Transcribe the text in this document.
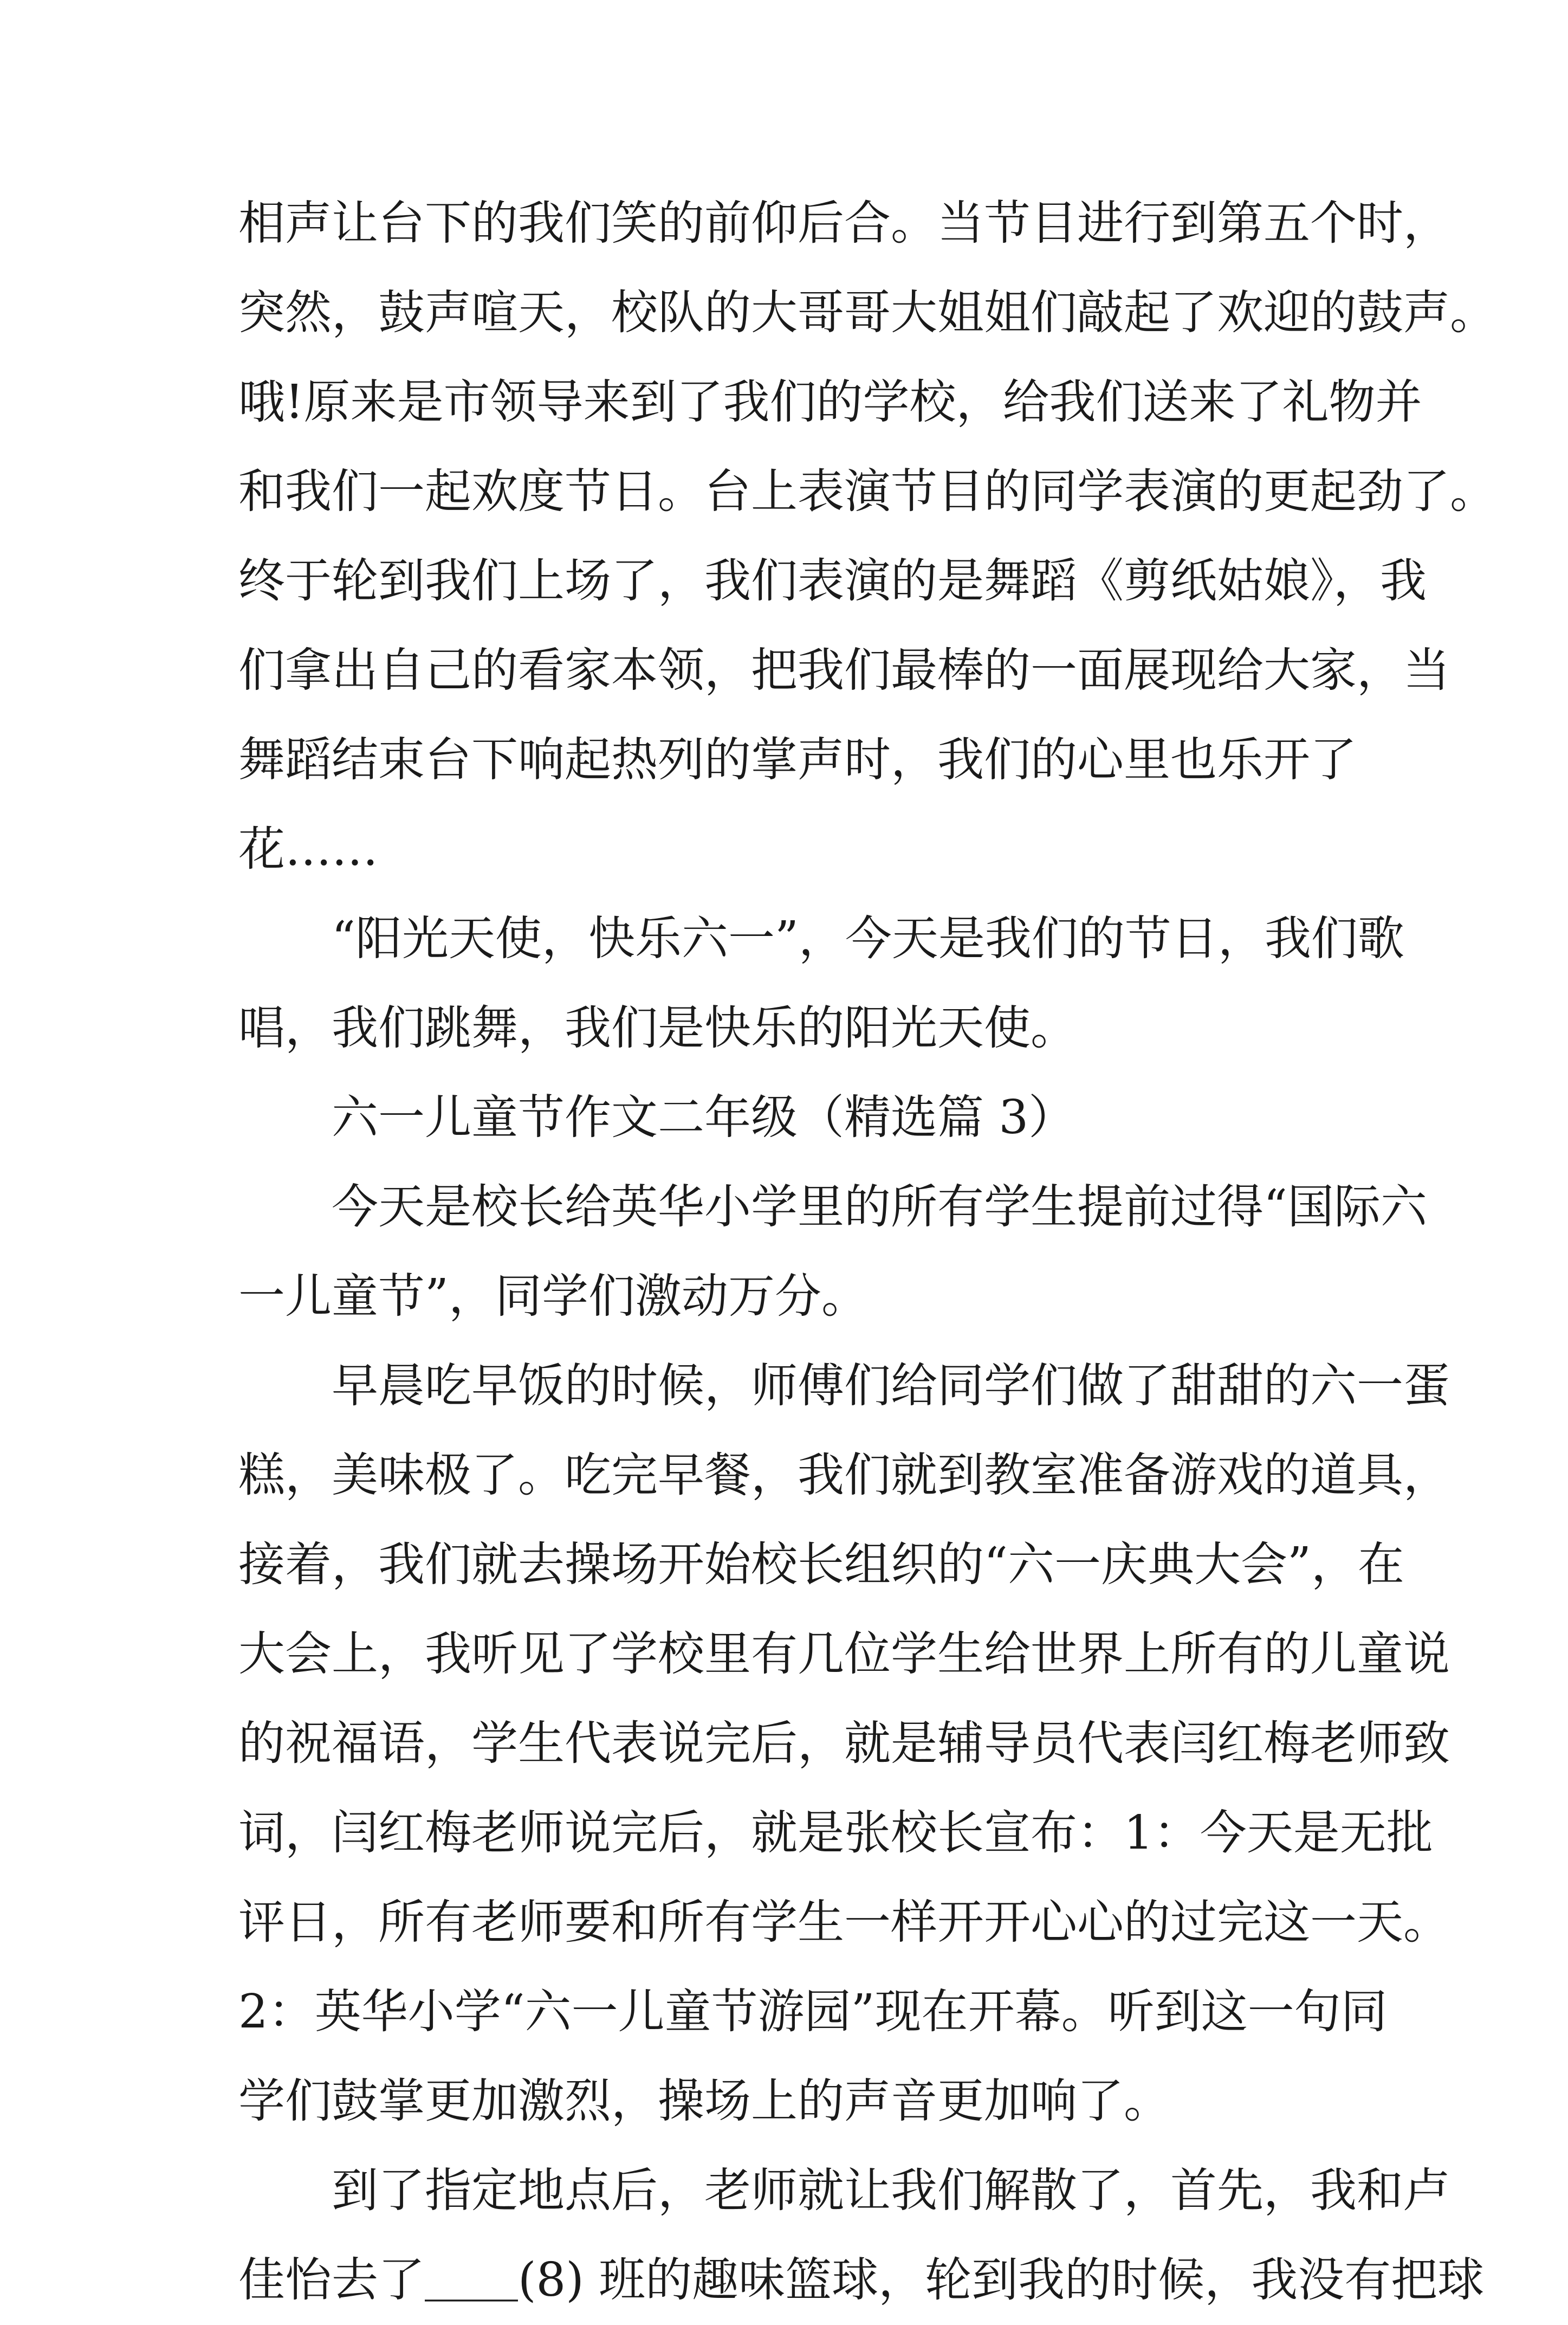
相声让台下的我们笑的前仰后合。当节目进行到第五个时，
突然，鼓声喧天，校队的大哥哥大姐姐们敲起了欢迎的鼓声。
哦!原来是市领导来到了我们的学校，给我们送来了礼物并
和我们一起欢度节日。台上表演节目的同学表演的更起劲了。
终于轮到我们上场了，我们表演的是舞蹈《剪纸姑娘》，我
们拿出自己的看家本领，把我们最棒的一面展现给大家，当
舞蹈结束台下响起热列的掌声时，我们的心里也乐开了
花……
“阳光天使，快乐六一”，今天是我们的节日，我们歌
唱，我们跳舞，我们是快乐的阳光天使。
六一儿童节作文二年级（精选篇 3）
今天是校长给英华小学里的所有学生提前过得“国际六
一儿童节”，同学们激动万分。
早晨吃早饭的时候，师傅们给同学们做了甜甜的六一蛋
糕，美味极了。吃完早餐，我们就到教室准备游戏的道具，
接着，我们就去操场开始校长组织的“六一庆典大会”，在
大会上，我听见了学校里有几位学生给世界上所有的儿童说
的祝福语，学生代表说完后，就是辅导员代表闫红梅老师致
词，闫红梅老师说完后，就是张校长宣布：1：今天是无批
评日，所有老师要和所有学生一样开开心心的过完这一天。
2：英华小学“六一儿童节游园”现在开幕。听到这一句同
学们鼓掌更加激烈，操场上的声音更加响了。
到了指定地点后，老师就让我们解散了，首先，我和卢
佳怡去了＿＿(8) 班的趣味篮球，轮到我的时候，我没有把球
